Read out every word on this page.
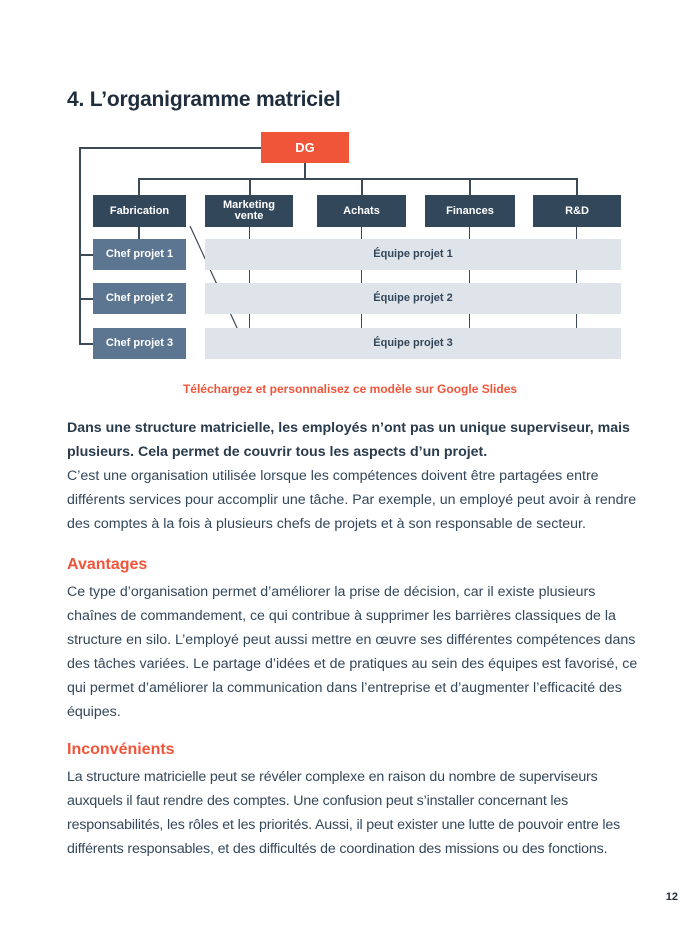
4. L’organigramme matriciel
Équipe projet 1
Équipe projet 2
Équipe projet 3
DG
Fabrication	Marketing vente	Achats	Finances	R&D
Chef projet 1
Chef projet 2
Chef projet 3
Téléchargez et personnalisez ce modèle sur Google Slides

Dans une structure matricielle, les employés n’ont pas un unique superviseur, mais plusieurs. Cela permet de couvrir tous les aspects d’un projet.

C’est une organisation utilisée lorsque les compétences doivent être partagées entre différents services pour accomplir une tâche. Par exemple, un employé peut avoir à rendre des comptes à la fois à plusieurs chefs de projets et à son responsable de secteur.

Avantages

Ce type d’organisation permet d’améliorer la prise de décision, car il existe plusieurs chaînes de commandement, ce qui contribue à supprimer les barrières classiques de la structure en silo. L’employé peut aussi mettre en œuvre ses différentes compétences dans des tâches variées. Le partage d’idées et de pratiques au sein des équipes est favorisé, ce qui permet d’améliorer la communication dans l’entreprise et d’augmenter l’efficacité des équipes.

Inconvénients

La structure matricielle peut se révéler complexe en raison du nombre de superviseurs auxquels il faut rendre des comptes. Une confusion peut s’installer concernant les responsabilités, les rôles et les priorités. Aussi, il peut exister une lutte de pouvoir entre les différents responsables, et des difficultés de coordination des missions ou des fonctions.

12
